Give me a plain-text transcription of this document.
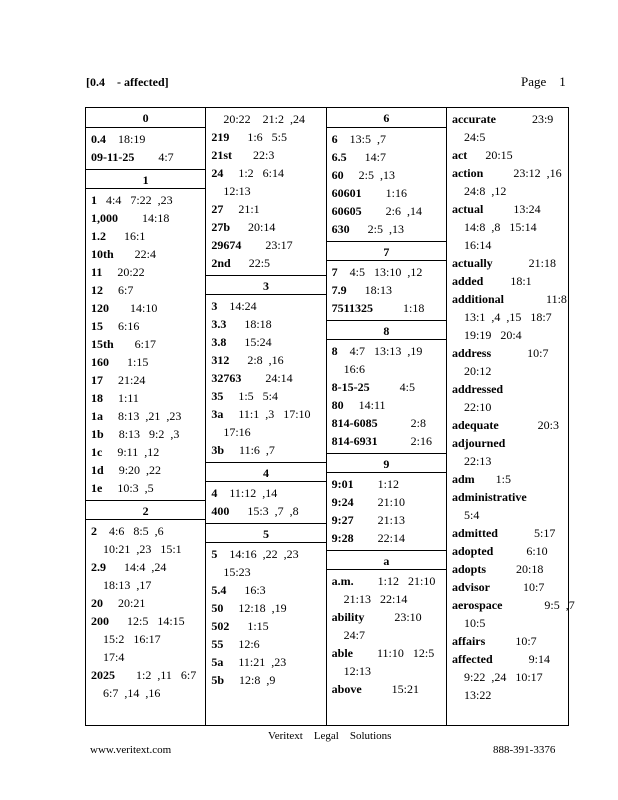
[0.4    - affected]	Page    1
0
0.4    18:19
09-11-25        4:7
1
1   4:4   7:22  ,23
1,000        14:18
1.2      16:1
10th       22:4
11     20:22
12     6:7
120       14:10
15     6:16
15th       6:17
160      1:15
17     21:24
18     1:11
1a     8:13  ,21  ,23
1b     8:13   9:2  ,3
1c     9:11  ,12
1d     9:20  ,22
1e     10:3  ,5
2
2    4:6   8:5  ,6
10:21  ,23   15:1
2.9      14:4  ,24
18:13  ,17
20     20:21
200      12:5   14:15
15:2   16:17
17:4
2025       1:2  ,11   6:7
6:7  ,14  ,16
20:22    21:2  ,24
219      1:6   5:5
21st       22:3
24     1:2   6:14
12:13
27     21:1
27b      20:14
29674        23:17
2nd      22:5
3
3    14:24
3.3      18:18
3.8      15:24
312      2:8  ,16
32763        24:14
35     1:5   5:4
3a     11:1  ,3   17:10
17:16
3b     11:6  ,7
4
4    11:12  ,14
400      15:3  ,7  ,8
5
5    14:16  ,22  ,23
15:23
5.4      16:3
50     12:18  ,19
502      1:15
55     12:6
5a     11:21  ,23
5b     12:8  ,9
6
6    13:5  ,7
6.5      14:7
60     2:5  ,13
60601        1:16
60605        2:6  ,14
630      2:5  ,13
7
7    4:5   13:10  ,12
7.9      18:13
7511325          1:18
8
8    4:7   13:13  ,19
16:6
8-15-25          4:5
80     14:11
814-6085           2:8
814-6931           2:16
9
9:01        1:12
9:24        21:10
9:27        21:13
9:28        22:14
a
a.m.        1:12   21:10
21:13   22:14
ability          23:10
24:7
able        11:10   12:5
12:13
above          15:21
accurate            23:9
24:5
act      20:15
action          23:12  ,16
24:8  ,12
actual          13:24
14:8  ,8   15:14
16:14
actually            21:18
added         18:1
additional              11:8
13:1  ,4  ,15   18:7
19:19   20:4
address            10:7
20:12
addressed
22:10
adequate             20:3
adjourned
22:13
adm       1:5
administrative
5:4
admitted            5:17
adopted           6:10
adopts          20:18
advisor           10:7
aerospace              9:5  ,7
10:5
affairs          10:7
affected            9:14
9:22  ,24   10:17
13:22
Veritext    Legal    Solutions
www.veritext.com	888-391-3376
